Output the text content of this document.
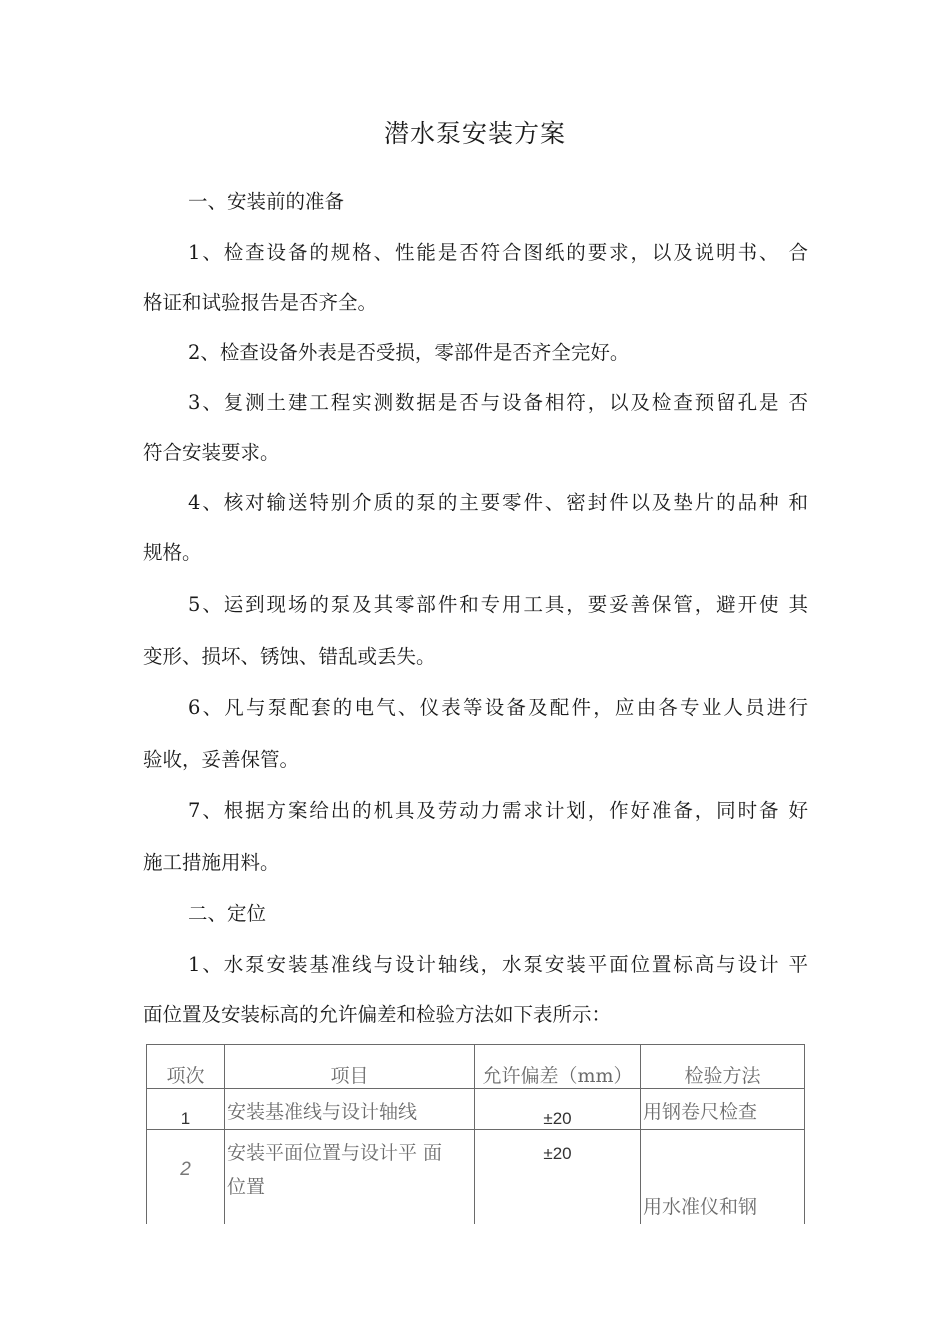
潜水泵安装方案
一、安装前的准备
1、检查设备的规格、性能是否符合图纸的要求，以及说明书、 合
格证和试验报告是否齐全。
2、检查设备外表是否受损，零部件是否齐全完好。
3、复测土建工程实测数据是否与设备相符，以及检查预留孔是 否
符合安装要求。
4、核对输送特别介质的泵的主要零件、密封件以及垫片的品种 和
规格。
5、运到现场的泵及其零部件和专用工具，要妥善保管，避开使 其
变形、损坏、锈蚀、错乱或丢失。
6、凡与泵配套的电气、仪表等设备及配件，应由各专业人员进行
验收，妥善保管。
7、根据方案给出的机具及劳动力需求计划，作好准备，同时备 好
施工措施用料。
二、定位
1、水泵安装基准线与设计轴线，水泵安装平面位置标高与设计 平
面位置及安装标高的允许偏差和检验方法如下表所示：
项次	项目	允许偏差（mm）	检验方法
1	安装基准线与设计轴线	±20	用钢卷尺检查
2	安装平面位置与设计平 面
位置	±20	用水准仪和钢
